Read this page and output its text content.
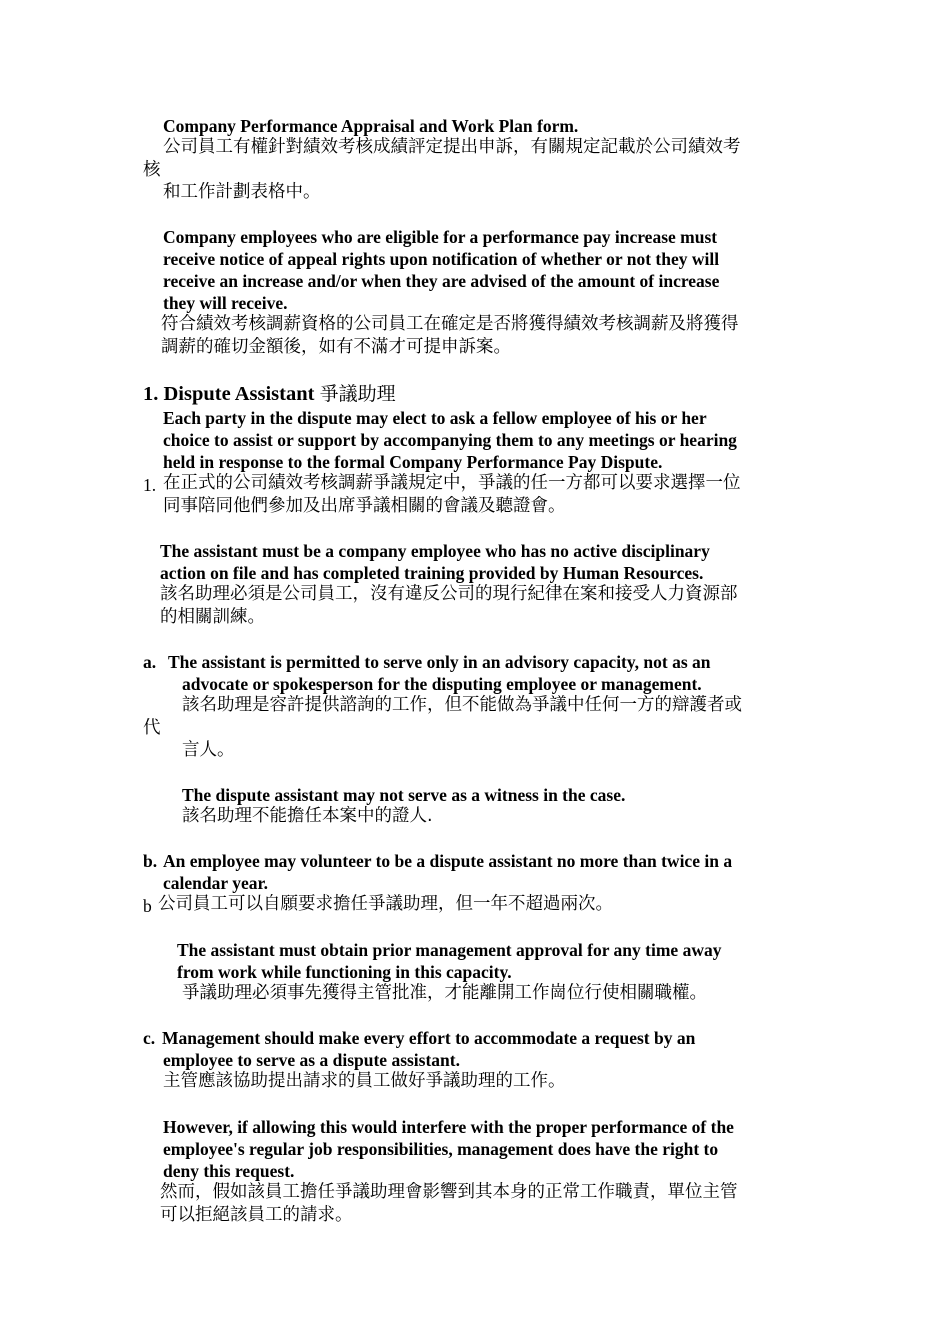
Company Performance Appraisal and Work Plan form.
公司員工有權針對績效考核成績評定提出申訴，有關規定記載於公司績效考
核
和工作計劃表格中。
Company employees who are eligible for a performance pay increase must
receive notice of appeal rights upon notification of whether or not they will
receive an increase and/or when they are advised of the amount of increase
they will receive.
符合績效考核調薪資格的公司員工在確定是否將獲得績效考核調薪及將獲得
調薪的確切金額後，如有不滿才可提申訴案。
1. Dispute Assistant 爭議助理
Each party in the dispute may elect to ask a fellow employee of his or her
choice to assist or support by accompanying them to any meetings or hearing
held in response to the formal Company Performance Pay Dispute.
1. 在正式的公司績效考核調薪爭議規定中，爭議的任一方都可以要求選擇一位
同事陪同他們參加及出席爭議相關的會議及聽證會。
The assistant must be a company employee who has no active disciplinary
action on file and has completed training provided by Human Resources.
該名助理必須是公司員工，沒有違反公司的現行紀律在案和接受人力資源部
的相關訓練。
a. The assistant is permitted to serve only in an advisory capacity, not as an
advocate or spokesperson for the disputing employee or management.
該名助理是容許提供諮詢的工作，但不能做為爭議中任何一方的辯護者或
代
言人。
The dispute assistant may not serve as a witness in the case.
該名助理不能擔任本案中的證人.
b. An employee may volunteer to be a dispute assistant no more than twice in a
calendar year.
b 公司員工可以自願要求擔任爭議助理，但一年不超過兩次。
The assistant must obtain prior management approval for any time away
from work while functioning in this capacity.
爭議助理必須事先獲得主管批准，才能離開工作崗位行使相關職權。
c. Management should make every effort to accommodate a request by an
employee to serve as a dispute assistant.
主管應該協助提出請求的員工做好爭議助理的工作。
However, if allowing this would interfere with the proper performance of the
employee's regular job responsibilities, management does have the right to
deny this request.
然而，假如該員工擔任爭議助理會影響到其本身的正常工作職責，單位主管
可以拒絕該員工的請求。
